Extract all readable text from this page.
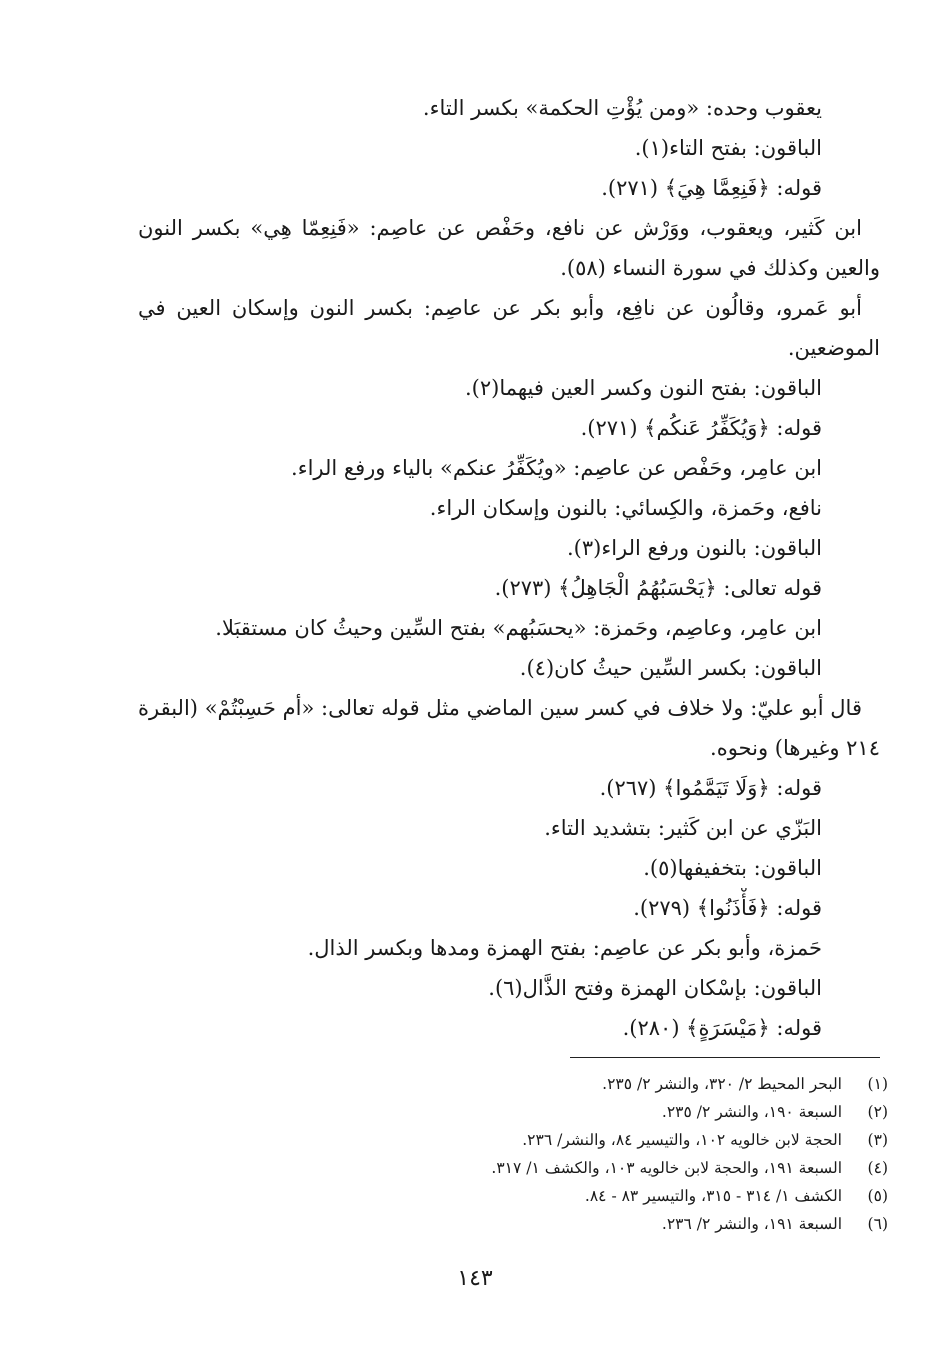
يعقوب وحده: «ومن يُؤْتِ الحكمة» بكسر التاء.
الباقون: بفتح التاء(١).
قوله: ﴿فَنِعِمَّا هِيَ﴾ (٢٧١).
ابن كَثير، ويعقوب، ووَرْش عن نافع، وحَفْص عن عاصِم: «فَنِعِمّا هِي» بكسر النون
والعين وكذلك في سورة النساء (٥٨).
أبو عَمرو، وقالُون عن نافِع، وأبو بكر عن عاصِم: بكسر النون وإسكان العين في
الموضعين.
الباقون: بفتح النون وكسر العين فيهما(٢).
قوله: ﴿وَيُكَفِّرُ عَنكُم﴾ (٢٧١).
ابن عامِر، وحَفْص عن عاصِم: «ويُكَفِّرُ عنكم» بالياء ورفع الراء.
نافع، وحَمزة، والكِسائي: بالنون وإسكان الراء.
الباقون: بالنون ورفع الراء(٣).
قوله تعالى: ﴿يَحْسَبُهُمُ الْجَاهِلُ﴾ (٢٧٣).
ابن عامِر، وعاصِم، وحَمزة: «يحسَبُهم» بفتح السِّين وحيثُ كان مستقبَلا.
الباقون: بكسر السِّين حيثُ كان(٤).
قال أبو عليّ: ولا خلاف في كسر سين الماضي مثل قوله تعالى: «أم حَسِبْتُمْ» (البقرة
٢١٤ وغيرها) ونحوه.
قوله: ﴿وَلَا تَيَمَّمُوا﴾ (٢٦٧).
البَزّي عن ابن كَثير: بتشديد التاء.
الباقون: بتخفيفها(٥).
قوله: ﴿فَأْذَنُوا﴾ (٢٧٩).
حَمزة، وأبو بكر عن عاصِم: بفتح الهمزة ومدها وبكسر الذال.
الباقون: بإسْكان الهمزة وفتح الذَّال(٦).
قوله: ﴿مَيْسَرَةٍ﴾ (٢٨٠).
(١)البحر المحيط ٢/ ٣٢٠، والنشر ٢/ ٢٣٥.
(٢)السبعة ١٩٠، والنشر ٢/ ٢٣٥.
(٣)الحجة لابن خالويه ١٠٢، والتيسير ٨٤، والنشر/ ٢٣٦.
(٤)السبعة ١٩١، والحجة لابن خالويه ١٠٣، والكشف ١/ ٣١٧.
(٥)الكشف ١/ ٣١٤ - ٣١٥، والتيسير ٨٣ - ٨٤.
(٦)السبعة ١٩١، والنشر ٢/ ٢٣٦.
١٤٣
